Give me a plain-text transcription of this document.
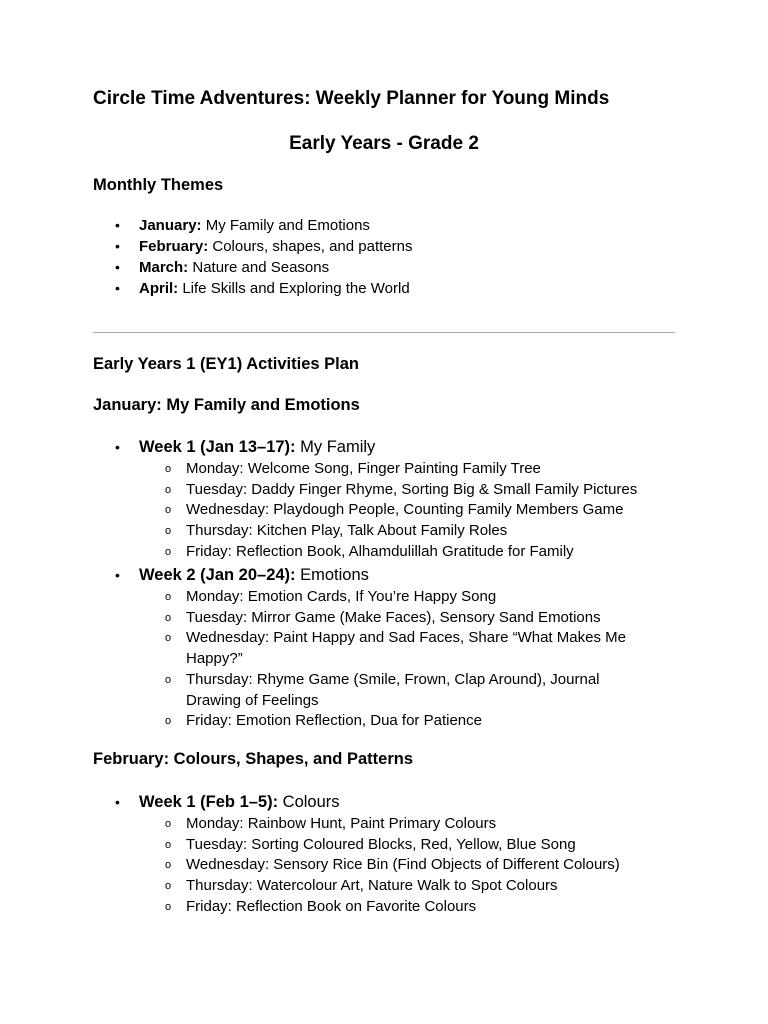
Circle Time Adventures: Weekly Planner for Young Minds
Early Years - Grade 2
Monthly Themes
• January: My Family and Emotions
• February: Colours, shapes, and patterns
• March: Nature and Seasons
• April: Life Skills and Exploring the World
Early Years 1 (EY1) Activities Plan
January: My Family and Emotions
• Week 1 (Jan 13–17): My Family
o Monday: Welcome Song, Finger Painting Family Tree
o Tuesday: Daddy Finger Rhyme, Sorting Big & Small Family Pictures
o Wednesday: Playdough People, Counting Family Members Game
o Thursday: Kitchen Play, Talk About Family Roles
o Friday: Reflection Book, Alhamdulillah Gratitude for Family
• Week 2 (Jan 20–24): Emotions
o Monday: Emotion Cards, If You’re Happy Song
o Tuesday: Mirror Game (Make Faces), Sensory Sand Emotions
o Wednesday: Paint Happy and Sad Faces, Share “What Makes Me Happy?”
o Thursday: Rhyme Game (Smile, Frown, Clap Around), Journal Drawing of Feelings
o Friday: Emotion Reflection, Dua for Patience
February: Colours, Shapes, and Patterns
• Week 1 (Feb 1–5): Colours
o Monday: Rainbow Hunt, Paint Primary Colours
o Tuesday: Sorting Coloured Blocks, Red, Yellow, Blue Song
o Wednesday: Sensory Rice Bin (Find Objects of Different Colours)
o Thursday: Watercolour Art, Nature Walk to Spot Colours
o Friday: Reflection Book on Favorite Colours
